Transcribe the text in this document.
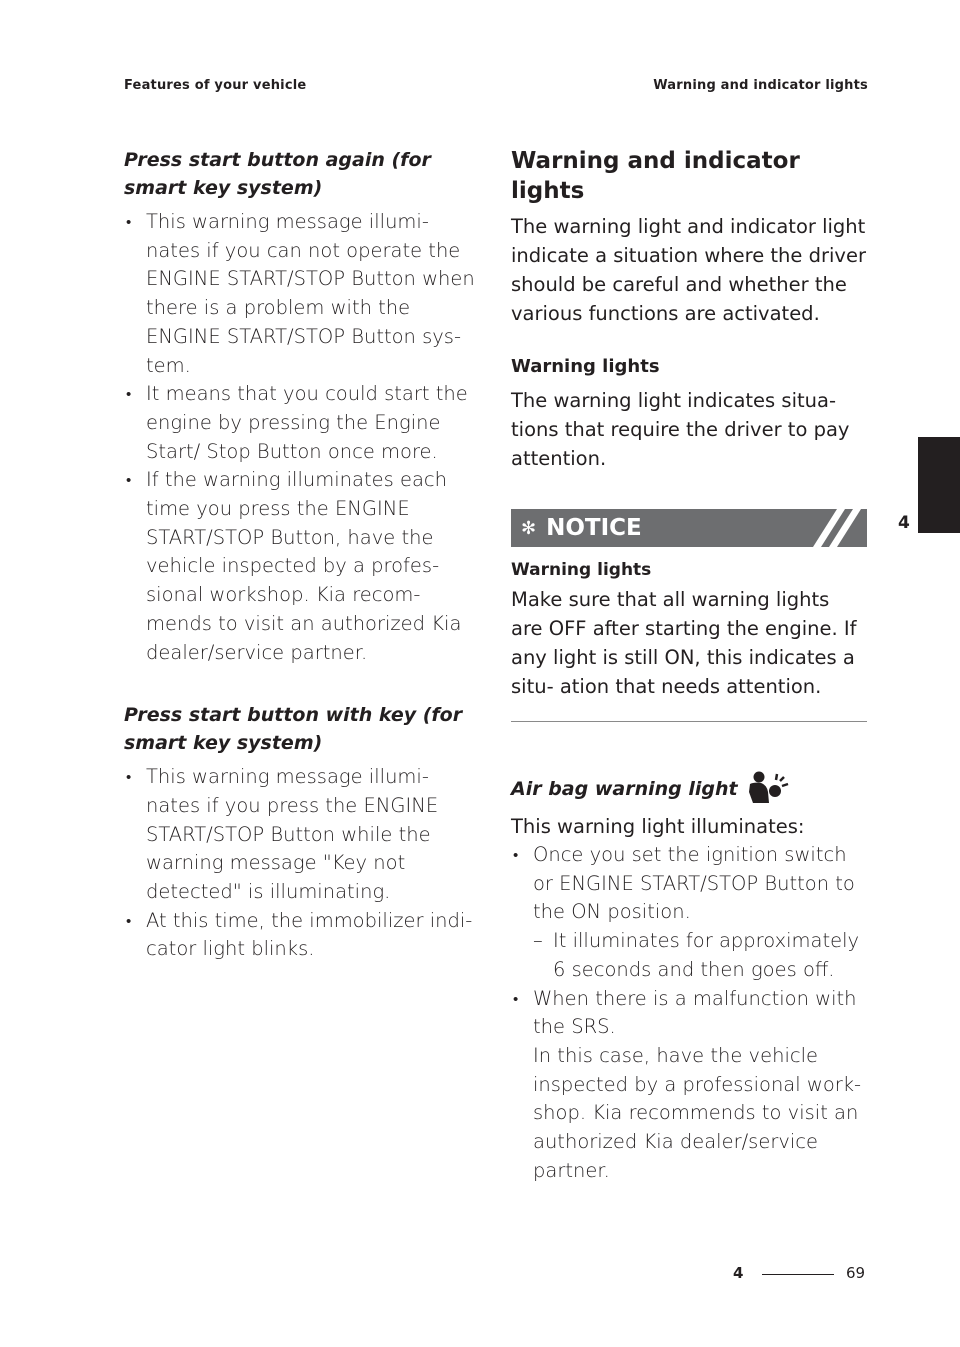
Features of your vehicle	Warning and indicator lights

Press start button again (for smart key system)

• This warning message illumi- nates if you can not operate the ENGINE START/STOP Button when there is a problem with the ENGINE START/STOP Button sys- tem.
• It means that you could start the engine by pressing the Engine Start/ Stop Button once more.
• If the warning illuminates each time you press the ENGINE START/STOP Button, have the vehicle inspected by a profes- sional workshop. Kia recom- mends to visit an authorized Kia dealer/service partner.

Press start button with key (for smart key system)

• This warning message illumi- nates if you press the ENGINE START/STOP Button while the warning message "Key not detected" is illuminating.
• At this time, the immobilizer indi- cator light blinks.
Warning and indicator lights

The warning light and indicator light indicate a situation where the driver should be careful and whether the various functions are activated.

Warning lights

The warning light indicates situa- tions that require the driver to pay attention.

✻ NOTICE

Warning lights

Make sure that all warning lights are OFF after starting the engine. If any light is still ON, this indicates a situ- ation that needs attention.

Air bag warning light

This warning light illuminates:

• Once you set the ignition switch or ENGINE START/STOP Button to the ON position.
– It illuminates for approximately 6 seconds and then goes off.
• When there is a malfunction with the SRS.
In this case, have the vehicle inspected by a professional work- shop. Kia recommends to visit an authorized Kia dealer/service partner.
4
4	69
